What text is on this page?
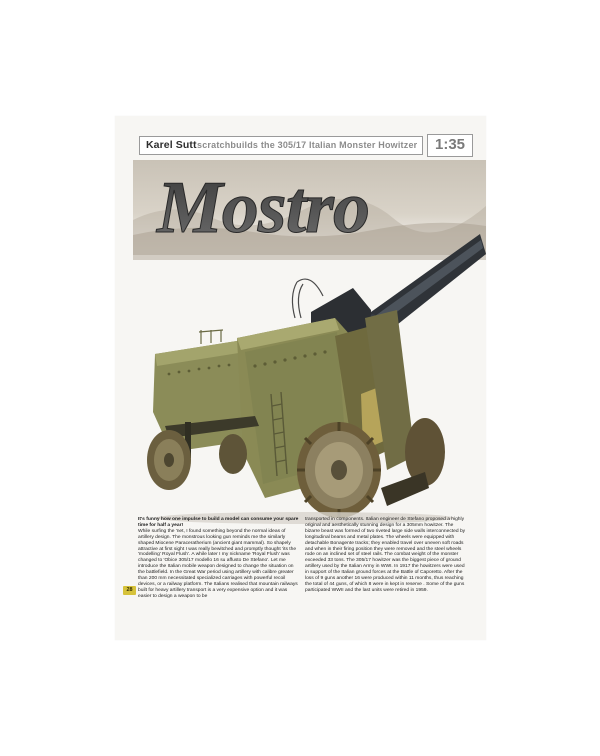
Karel Sutt scratchbuilds the 305/17 Italian Monster Howitzer	1:35
Mostro
It's funny how one impulse to build a model can consume your spare time for half a year!
While surfing the 'net, I found something beyond the normal ideas of artillery design. The monstrous looking gun reminds me the similarly shaped Miocene Paraceratherium (ancient giant mammal). So shapely attractive at first sight I was really bewitched and promptly thought 'its the 'modelling' Royal Flush'. A while later I my nickname 'Royal Flush' was changed to 'Obice 305/17 modello 16 su affusto De Stefano'. Let me introduce the Italian mobile weapon designed to change the situation on the battlefield. In the Great War period using artillery with calibre greater than 200 mm necessitated specialized carriages with powerful recoil devices, or a railway platform. The Italians realised that mountain railways built for heavy artillery transport is a very expensive option and it was easier to design a weapon to be
transported in components. Italian engineer de Stefano proposed a highly original and aesthetically stunning design for a 305mm howitzer. The bizarre beast was formed of two riveted large side walls interconnected by longitudinal beams and metal plates. The wheels were equipped with detachable Bonagente tracks; they enabled travel over uneven soft roads and when in their firing position they were removed and the steel wheels rode on an inclined set of steel rails. The combat weight of the monster exceeded 33 tons. The 305/17 howitzer was the biggest piece of ground artillery used by the Italian Army in WWI. In 1917 the howitzers were used in support of the Italian ground forces at the Battle of Caporetto. After the loss of 9 guns another 16 were produced within 11 months, thus reaching the total of 44 guns, of which 8 were in kept in reserve . Some of the guns participated WWII and the last units were retired in 1959.
28
